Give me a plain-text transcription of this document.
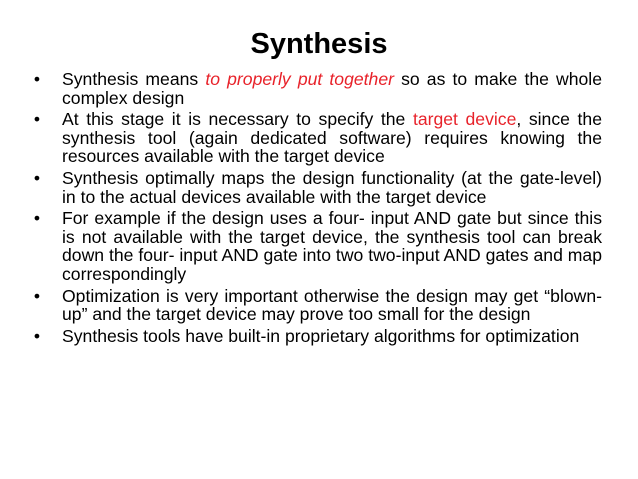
Synthesis
• Synthesis means to properly put together so as to make the whole complex design
• At this stage it is necessary to specify the target device, since the synthesis tool (again dedicated software) requires knowing the resources available with the target device
• Synthesis optimally maps the design functionality (at the gate-level) in to the actual devices available with the target device
• For example if the design uses a four- input AND gate but since this is not available with the target device, the synthesis tool can break down the four- input AND gate into two two-input AND gates and map correspondingly
• Optimization is very important otherwise the design may get “blown-up” and the target device may prove too small for the design
• Synthesis tools have built-in proprietary algorithms for optimization
